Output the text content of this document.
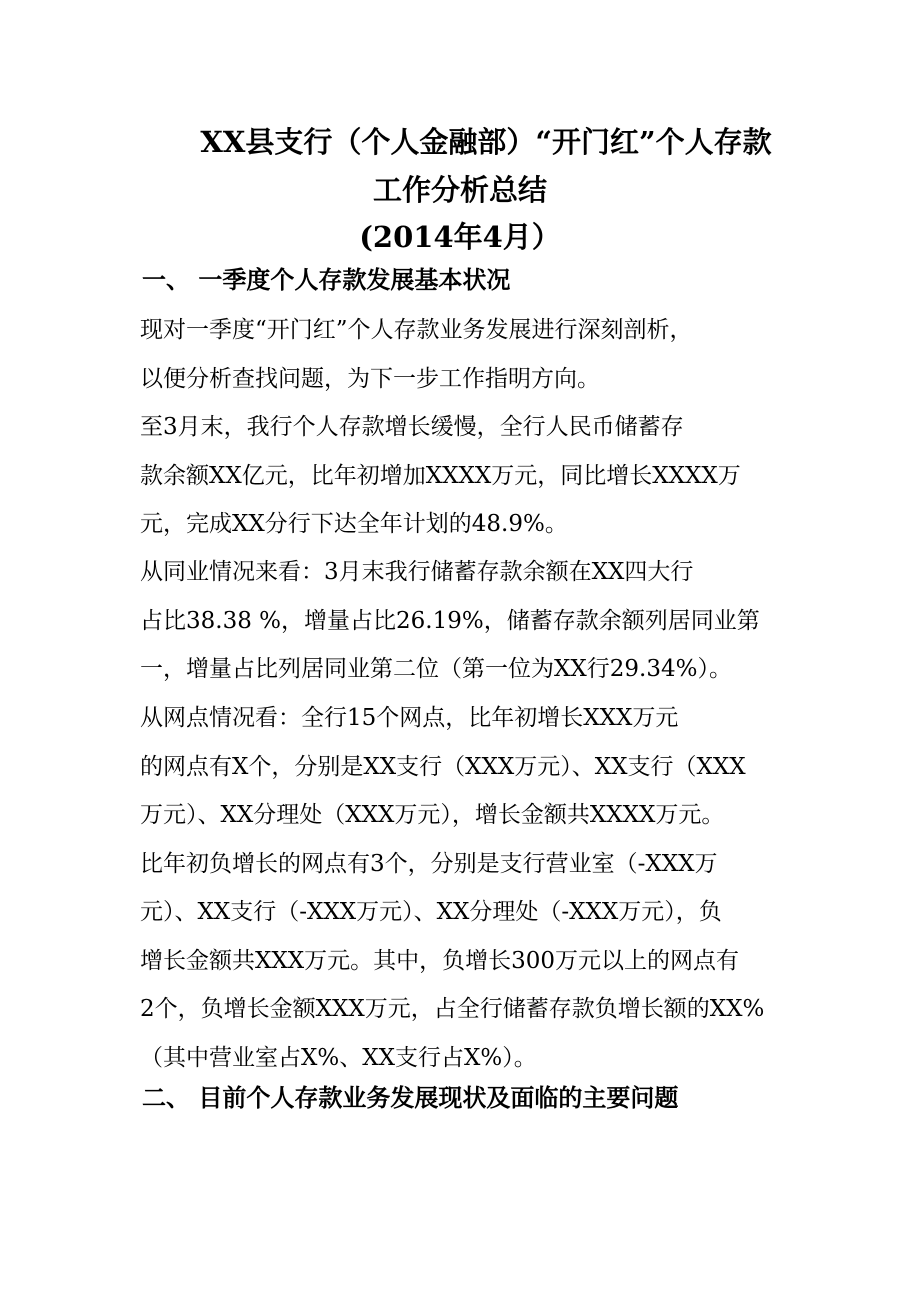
XX县支行（个人金融部）“开门红”个人存款
工作分析总结
(2014年4月）
一、 一季度个人存款发展基本状况
现对一季度“开门红”个人存款业务发展进行深刻剖析，
以便分析查找问题，为下一步工作指明方向。
至3月末，我行个人存款增长缓慢，全行人民币储蓄存
款余额XX亿元，比年初增加XXXX万元，同比增长XXXX万
元，完成XX分行下达全年计划的48.9%。
从同业情况来看：3月末我行储蓄存款余额在XX四大行
占比38.38 %，增量占比26.19%，储蓄存款余额列居同业第
一，增量占比列居同业第二位（第一位为XX行29.34%）。
从网点情况看：全行15个网点，比年初增长XXX万元
的网点有X个，分别是XX支行（XXX万元）、XX支行（XXX
万元）、XX分理处（XXX万元），增长金额共XXXX万元。
比年初负增长的网点有3个，分别是支行营业室（-XXX万
元）、XX支行（-XXX万元）、XX分理处（-XXX万元），负
增长金额共XXX万元。其中，负增长300万元以上的网点有
2个，负增长金额XXX万元，占全行储蓄存款负增长额的XX%
（其中营业室占X%、XX支行占X%）。
二、 目前个人存款业务发展现状及面临的主要问题
